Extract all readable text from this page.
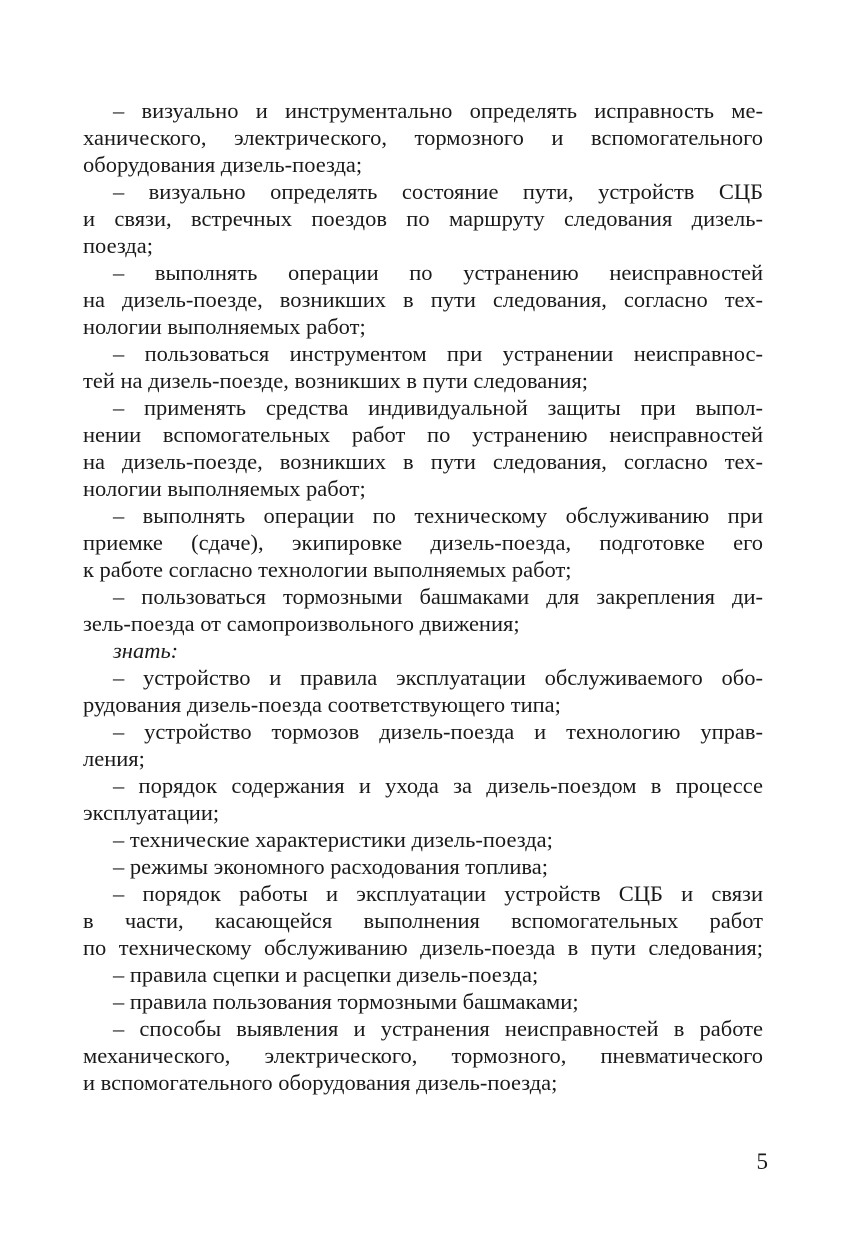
– визуально и инструментально определять исправность ме-
ханического, электрического, тормозного и вспомогательного
оборудования дизель-поезда;
– визуально определять состояние пути, устройств СЦБ
и связи, встречных поездов по маршруту следования дизель-
поезда;
– выполнять операции по устранению неисправностей
на дизель-поезде, возникших в пути следования, согласно тех-
нологии выполняемых работ;
– пользоваться инструментом при устранении неисправнос-
тей на дизель-поезде, возникших в пути следования;
– применять средства индивидуальной защиты при выпол-
нении вспомогательных работ по устранению неисправностей
на дизель-поезде, возникших в пути следования, согласно тех-
нологии выполняемых работ;
– выполнять операции по техническому обслуживанию при
приемке (сдаче), экипировке дизель-поезда, подготовке его
к работе согласно технологии выполняемых работ;
– пользоваться тормозными башмаками для закрепления ди-
зель-поезда от самопроизвольного движения;
знать:
– устройство и правила эксплуатации обслуживаемого обо-
рудования дизель-поезда соответствующего типа;
– устройство тормозов дизель-поезда и технологию управ-
ления;
– порядок содержания и ухода за дизель-поездом в процессе
эксплуатации;
– технические характеристики дизель-поезда;
– режимы экономного расходования топлива;
– порядок работы и эксплуатации устройств СЦБ и связи
в части, касающейся выполнения вспомогательных работ
по техническому обслуживанию дизель-поезда в пути следования;
– правила сцепки и расцепки дизель-поезда;
– правила пользования тормозными башмаками;
– способы выявления и устранения неисправностей в работе
механического, электрического, тормозного, пневматического
и вспомогательного оборудования дизель-поезда;
5
